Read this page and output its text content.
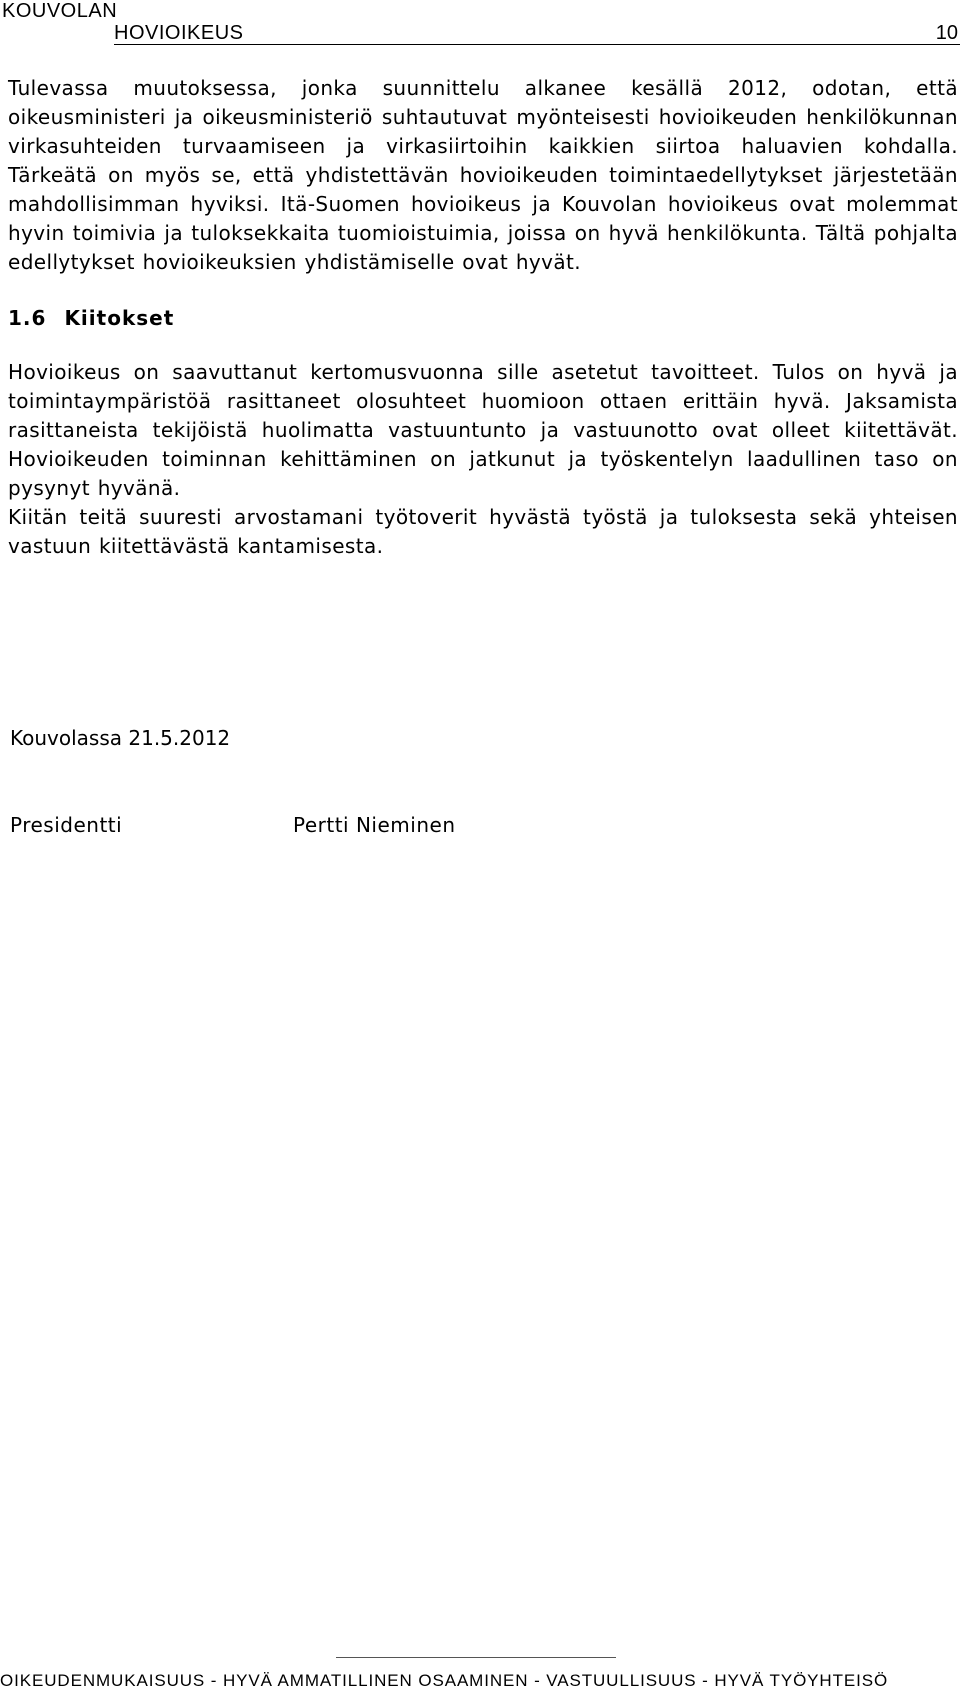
KOUVOLAN
HOVIOIKEUS	10

Tulevassa muutoksessa, jonka suunnittelu alkanee kesällä 2012, odotan, että oikeusministeri ja oikeusministeriö suhtautuvat myönteisesti hovioikeuden henkilökunnan virkasuhteiden turvaamiseen ja virkasiirtoihin kaikkien siirtoa haluavien kohdalla. Tärkeätä on myös se, että yhdistettävän hovioikeuden toimintaedellytykset järjestetään mahdollisimman hyviksi. Itä-Suomen hovioikeus ja Kouvolan hovioikeus ovat molemmat hyvin toimivia ja tuloksekkaita tuomioistuimia, joissa on hyvä henkilökunta. Tältä pohjalta edellytykset hovioikeuksien yhdistämiselle ovat hyvät.

1.6 Kiitokset

Hovioikeus on saavuttanut kertomusvuonna sille asetetut tavoitteet. Tulos on hyvä ja toimintaympäristöä rasittaneet olosuhteet huomioon ottaen erittäin hyvä. Jaksamista rasittaneista tekijöistä huolimatta vastuuntunto ja vastuunotto ovat olleet kiitettävät. Hovioikeuden toiminnan kehittäminen on jatkunut ja työskentelyn laadullinen taso on pysynyt hyvänä.

Kiitän teitä suuresti arvostamani työtoverit hyvästä työstä ja tuloksesta sekä yhteisen vastuun kiitettävästä kantamisesta.

Kouvolassa 21.5.2012
Presidentti	Pertti Nieminen
OIKEUDENMUKAISUUS - HYVÄ AMMATILLINEN OSAAMINEN - VASTUULLISUUS - HYVÄ TYÖYHTEISÖ
